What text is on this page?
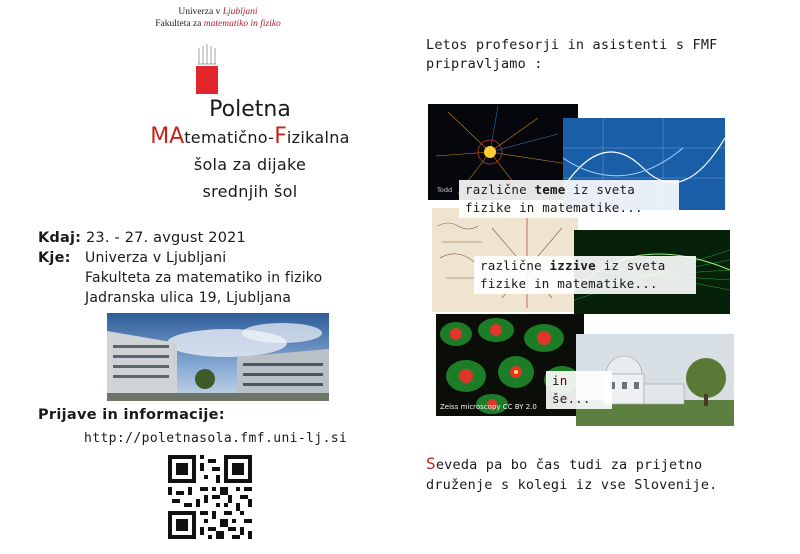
Univerza v Ljubljani
Fakulteta za matematiko in fiziko
Poletna
MAtematično-Fizikalna
šola za dijake
srednjih šol
Kdaj: 23. - 27. avgust 2021
Kje: Univerza v Ljubljani
Fakulteta za matematiko in fiziko
Jadranska ulica 19, Ljubljana
Prijave in informacije:
http://poletnasola.fmf.uni-lj.si
Letos profesorji in asistenti s FMF
pripravljamo :
Todd
Zeiss microscopy CC BY 2.0
različne teme iz sveta
fizike in matematike...
različne izzive iz sveta
fizike in matematike...
in še...
Seveda pa bo čas tudi za prijetno
druženje s kolegi iz vse Slovenije.
